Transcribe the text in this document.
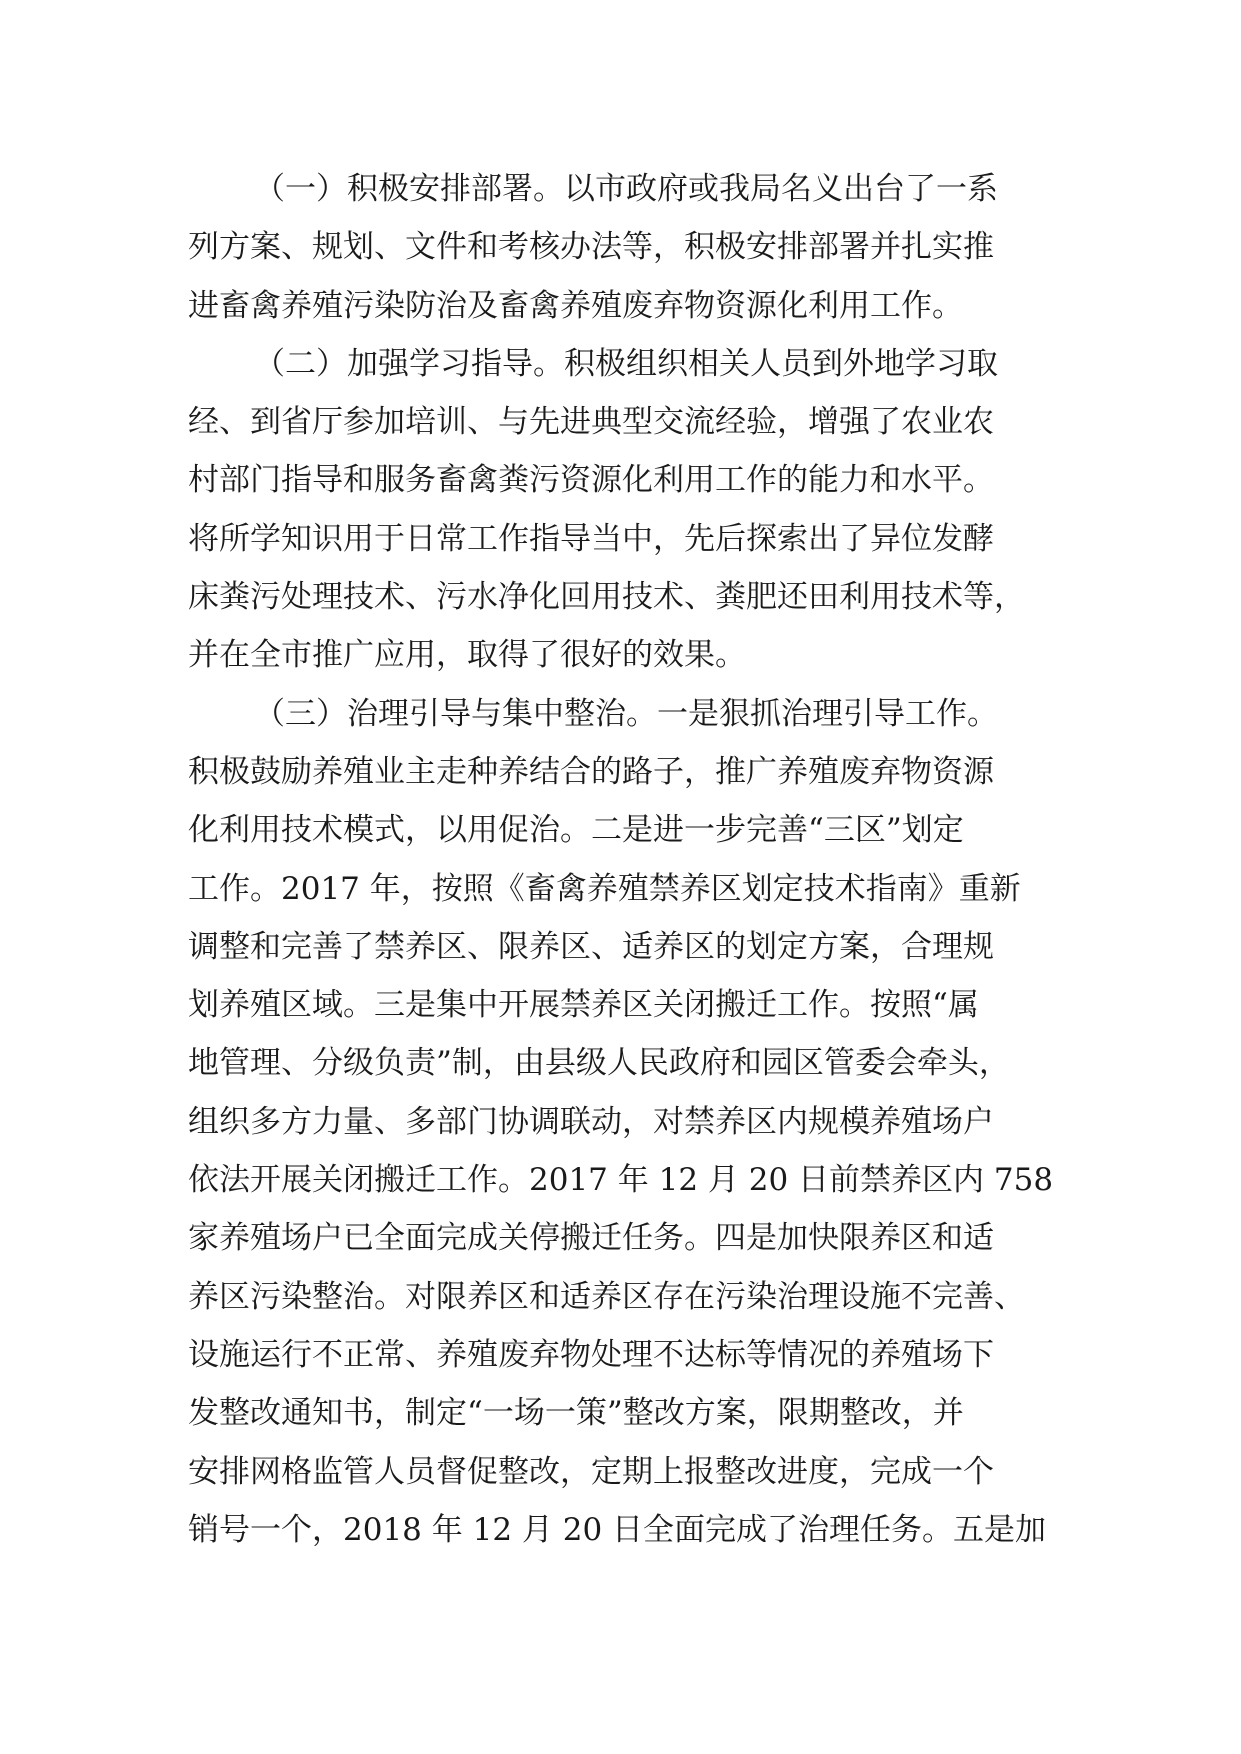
（一）积极安排部署。以市政府或我局名义出台了一系
列方案、规划、文件和考核办法等，积极安排部署并扎实推
进畜禽养殖污染防治及畜禽养殖废弃物资源化利用工作。
（二）加强学习指导。积极组织相关人员到外地学习取
经、到省厅参加培训、与先进典型交流经验，增强了农业农
村部门指导和服务畜禽粪污资源化利用工作的能力和水平。
将所学知识用于日常工作指导当中，先后探索出了异位发酵
床粪污处理技术、污水净化回用技术、粪肥还田利用技术等，
并在全市推广应用，取得了很好的效果。
（三）治理引导与集中整治。一是狠抓治理引导工作。
积极鼓励养殖业主走种养结合的路子，推广养殖废弃物资源
化利用技术模式，以用促治。二是进一步完善“三区”划定
工作。2017 年，按照《畜禽养殖禁养区划定技术指南》重新
调整和完善了禁养区、限养区、适养区的划定方案，合理规
划养殖区域。三是集中开展禁养区关闭搬迁工作。按照“属
地管理、分级负责”制，由县级人民政府和园区管委会牵头，
组织多方力量、多部门协调联动，对禁养区内规模养殖场户
依法开展关闭搬迁工作。2017 年 12 月 20 日前禁养区内 758
家养殖场户已全面完成关停搬迁任务。四是加快限养区和适
养区污染整治。对限养区和适养区存在污染治理设施不完善、
设施运行不正常、养殖废弃物处理不达标等情况的养殖场下
发整改通知书，制定“一场一策”整改方案，限期整改，并
安排网格监管人员督促整改，定期上报整改进度，完成一个
销号一个，2018 年 12 月 20 日全面完成了治理任务。五是加
